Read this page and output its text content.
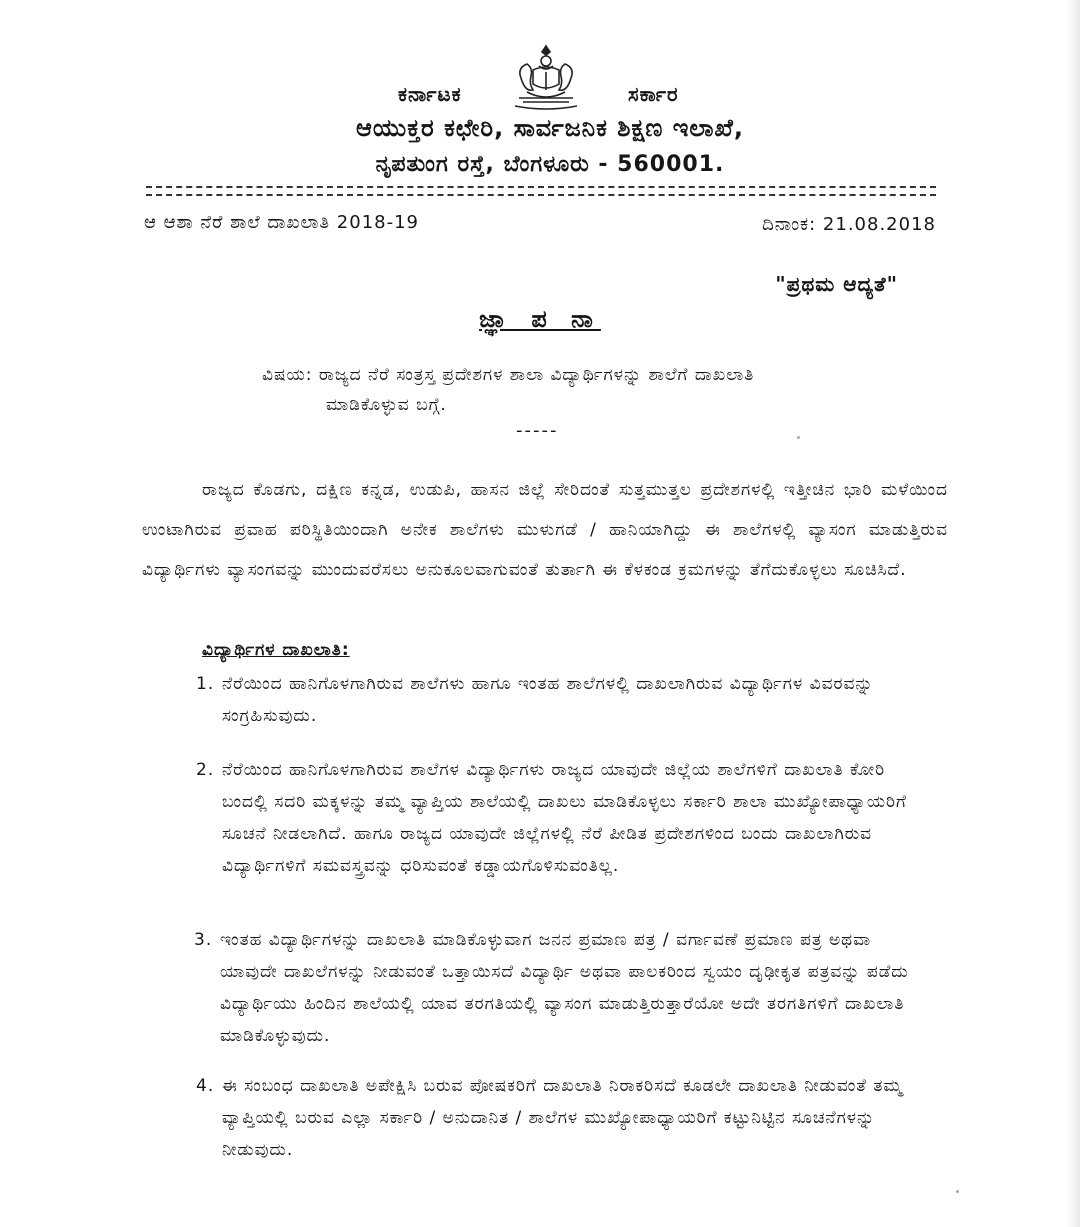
ಕರ್ನಾಟಕ	ಸರ್ಕಾರ
ಆಯುಕ್ತರ ಕಛೇರಿ, ಸಾರ್ವಜನಿಕ ಶಿಕ್ಷಣ ಇಲಾಖೆ,
ನೃಪತುಂಗ ರಸ್ತೆ, ಬೆಂಗಳೂರು - 560001.
ಆ ಆಶಾ ನೆರೆ ಶಾಲೆ ದಾಖಲಾತಿ 2018-19	ದಿನಾಂಕ: 21.08.2018
"ಪ್ರಥಮ ಆದ್ಯತೆ"
ಜ್ಞಾ ಪ ನಾ
ವಿಷಯ: ರಾಜ್ಯದ ನೆರೆ ಸಂತ್ರಸ್ತ ಪ್ರದೇಶಗಳ ಶಾಲಾ ವಿದ್ಯಾರ್ಥಿಗಳನ್ನು ಶಾಲೆಗೆ ದಾಖಲಾತಿ
ಮಾಡಿಕೊಳ್ಳುವ ಬಗ್ಗೆ.
-----
ರಾಜ್ಯದ ಕೊಡಗು, ದಕ್ಷಿಣ ಕನ್ನಡ, ಉಡುಪಿ, ಹಾಸನ ಜಿಲ್ಲೆ ಸೇರಿದಂತೆ ಸುತ್ತಮುತ್ತಲ ಪ್ರದೇಶಗಳಲ್ಲಿ ಇತ್ತೀಚಿನ ಭಾರಿ ಮಳೆಯಿಂದ ಉಂಟಾಗಿರುವ ಪ್ರವಾಹ ಪರಿಸ್ಥಿತಿಯಿಂದಾಗಿ ಅನೇಕ ಶಾಲೆಗಳು ಮುಳುಗಡೆ / ಹಾನಿಯಾಗಿದ್ದು ಈ ಶಾಲೆಗಳಲ್ಲಿ ವ್ಯಾಸಂಗ ಮಾಡುತ್ತಿರುವ ವಿದ್ಯಾರ್ಥಿಗಳು ವ್ಯಾಸಂಗವನ್ನು ಮುಂದುವರೆಸಲು ಅನುಕೂಲವಾಗುವಂತೆ ತುರ್ತಾಗಿ ಈ ಕೆಳಕಂಡ ಕ್ರಮಗಳನ್ನು ತೆಗೆದುಕೊಳ್ಳಲು ಸೂಚಿಸಿದೆ.
ವಿದ್ಯಾರ್ಥಿಗಳ ದಾಖಲಾತಿ:
1. ನೆರೆಯಿಂದ ಹಾನಿಗೊಳಗಾಗಿರುವ ಶಾಲೆಗಳು ಹಾಗೂ ಇಂತಹ ಶಾಲೆಗಳಲ್ಲಿ ದಾಖಲಾಗಿರುವ ವಿದ್ಯಾರ್ಥಿಗಳ ವಿವರವನ್ನು ಸಂಗ್ರಹಿಸುವುದು.
2. ನೆರೆಯಿಂದ ಹಾನಿಗೊಳಗಾಗಿರುವ ಶಾಲೆಗಳ ವಿದ್ಯಾರ್ಥಿಗಳು ರಾಜ್ಯದ ಯಾವುದೇ ಜಿಲ್ಲೆಯ ಶಾಲೆಗಳಿಗೆ ದಾಖಲಾತಿ ಕೋರಿ ಬಂದಲ್ಲಿ ಸದರಿ ಮಕ್ಕಳನ್ನು ತಮ್ಮ ವ್ಯಾಪ್ತಿಯ ಶಾಲೆಯಲ್ಲಿ ದಾಖಲು ಮಾಡಿಕೊಳ್ಳಲು ಸರ್ಕಾರಿ ಶಾಲಾ ಮುಖ್ಯೋಪಾಧ್ಯಾಯರಿಗೆ ಸೂಚನೆ ನೀಡಲಾಗಿದೆ. ಹಾಗೂ ರಾಜ್ಯದ ಯಾವುದೇ ಜಿಲ್ಲೆಗಳಲ್ಲಿ ನೆರೆ ಪೀಡಿತ ಪ್ರದೇಶಗಳಿಂದ ಬಂದು ದಾಖಲಾಗಿರುವ ವಿದ್ಯಾರ್ಥಿಗಳಿಗೆ ಸಮವಸ್ತ್ರವನ್ನು ಧರಿಸುವಂತೆ ಕಡ್ಡಾಯಗೊಳಿಸುವಂತಿಲ್ಲ.
3. ಇಂತಹ ವಿದ್ಯಾರ್ಥಿಗಳನ್ನು ದಾಖಲಾತಿ ಮಾಡಿಕೊಳ್ಳುವಾಗ ಜನನ ಪ್ರಮಾಣ ಪತ್ರ / ವರ್ಗಾವಣೆ ಪ್ರಮಾಣ ಪತ್ರ ಅಥವಾ ಯಾವುದೇ ದಾಖಲೆಗಳನ್ನು ನೀಡುವಂತೆ ಒತ್ತಾಯಿಸದೆ ವಿದ್ಯಾರ್ಥಿ ಅಥವಾ ಪಾಲಕರಿಂದ ಸ್ವಯಂ ದೃಢೀಕೃತ ಪತ್ರವನ್ನು ಪಡೆದು ವಿದ್ಯಾರ್ಥಿಯು ಹಿಂದಿನ ಶಾಲೆಯಲ್ಲಿ ಯಾವ ತರಗತಿಯಲ್ಲಿ ವ್ಯಾಸಂಗ ಮಾಡುತ್ತಿರುತ್ತಾರೆಯೋ ಅದೇ ತರಗತಿಗಳಿಗೆ ದಾಖಲಾತಿ ಮಾಡಿಕೊಳ್ಳುವುದು.
4. ಈ ಸಂಬಂಧ ದಾಖಲಾತಿ ಅಪೇಕ್ಷಿಸಿ ಬರುವ ಪೋಷಕರಿಗೆ ದಾಖಲಾತಿ ನಿರಾಕರಿಸದೆ ಕೂಡಲೇ ದಾಖಲಾತಿ ನೀಡುವಂತೆ ತಮ್ಮ ವ್ಯಾಪ್ತಿಯಲ್ಲಿ ಬರುವ ಎಲ್ಲಾ ಸರ್ಕಾರಿ / ಅನುದಾನಿತ / ಶಾಲೆಗಳ ಮುಖ್ಯೋಪಾಧ್ಯಾಯರಿಗೆ ಕಟ್ಟುನಿಟ್ಟಿನ ಸೂಚನೆಗಳನ್ನು ನೀಡುವುದು.
